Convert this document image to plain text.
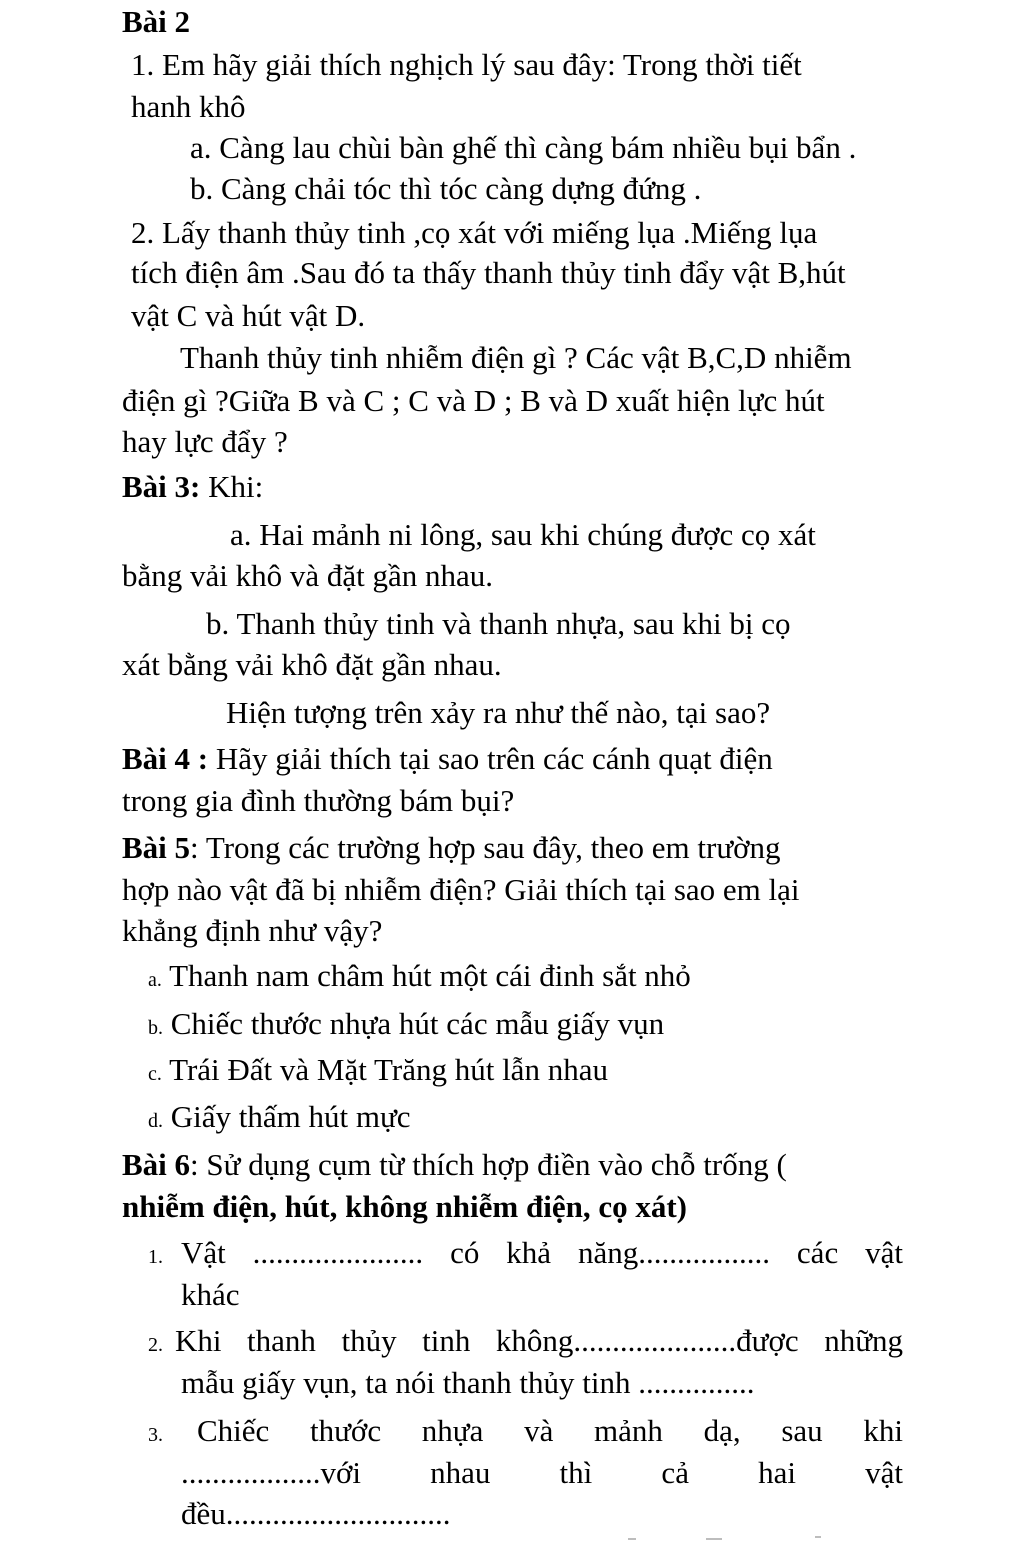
Bài 2
1. Em hãy giải thích nghịch lý sau đây: Trong thời tiết
hanh khô
a. Càng lau chùi bàn ghế thì càng bám nhiều bụi bẩn .
b. Càng chải tóc thì tóc càng dựng đứng .
2. Lấy thanh thủy tinh ,cọ xát với miếng lụa .Miếng lụa
tích điện âm .Sau đó ta thấy thanh thủy tinh đẩy vật B,hút
vật C và hút vật D.
Thanh thủy tinh nhiễm điện gì ? Các vật B,C,D nhiễm
điện gì ?Giữa B và C ; C và D ; B và D xuất hiện lực hút
hay lực đẩy ?
Bài 3: Khi:
a. Hai mảnh ni lông, sau khi chúng được cọ xát
bằng vải khô và đặt gần nhau.
b. Thanh thủy tinh và thanh nhựa, sau khi bị cọ
xát bằng vải khô đặt gần nhau.
Hiện tượng trên xảy ra như thế nào, tại sao?
Bài 4 : Hãy giải thích tại sao trên các cánh quạt điện
trong gia đình thường bám bụi?
Bài 5: Trong các trường hợp sau đây, theo em trường
hợp nào vật đã bị nhiễm điện? Giải thích tại sao em lại
khẳng định như vậy?
a. Thanh nam châm hút một cái đinh sắt nhỏ
b. Chiếc thước nhựa hút các mẫu giấy vụn
c. Trái Đất và Mặt Trăng hút lẫn nhau
d. Giấy thấm hút mực
Bài 6: Sử dụng cụm từ thích hợp điền vào chỗ trống (
nhiễm điện, hút, không nhiễm điện, cọ xát)
1. Vật ...................... có khả năng................. các vật
khác
2. Khi thanh thủy tinh không.....................được những
mẫu giấy vụn, ta nói thanh thủy tinh ...............
3. Chiếc thước nhựa và mảnh dạ, sau khi
..................với nhau thì cả hai vật
đều.............................
